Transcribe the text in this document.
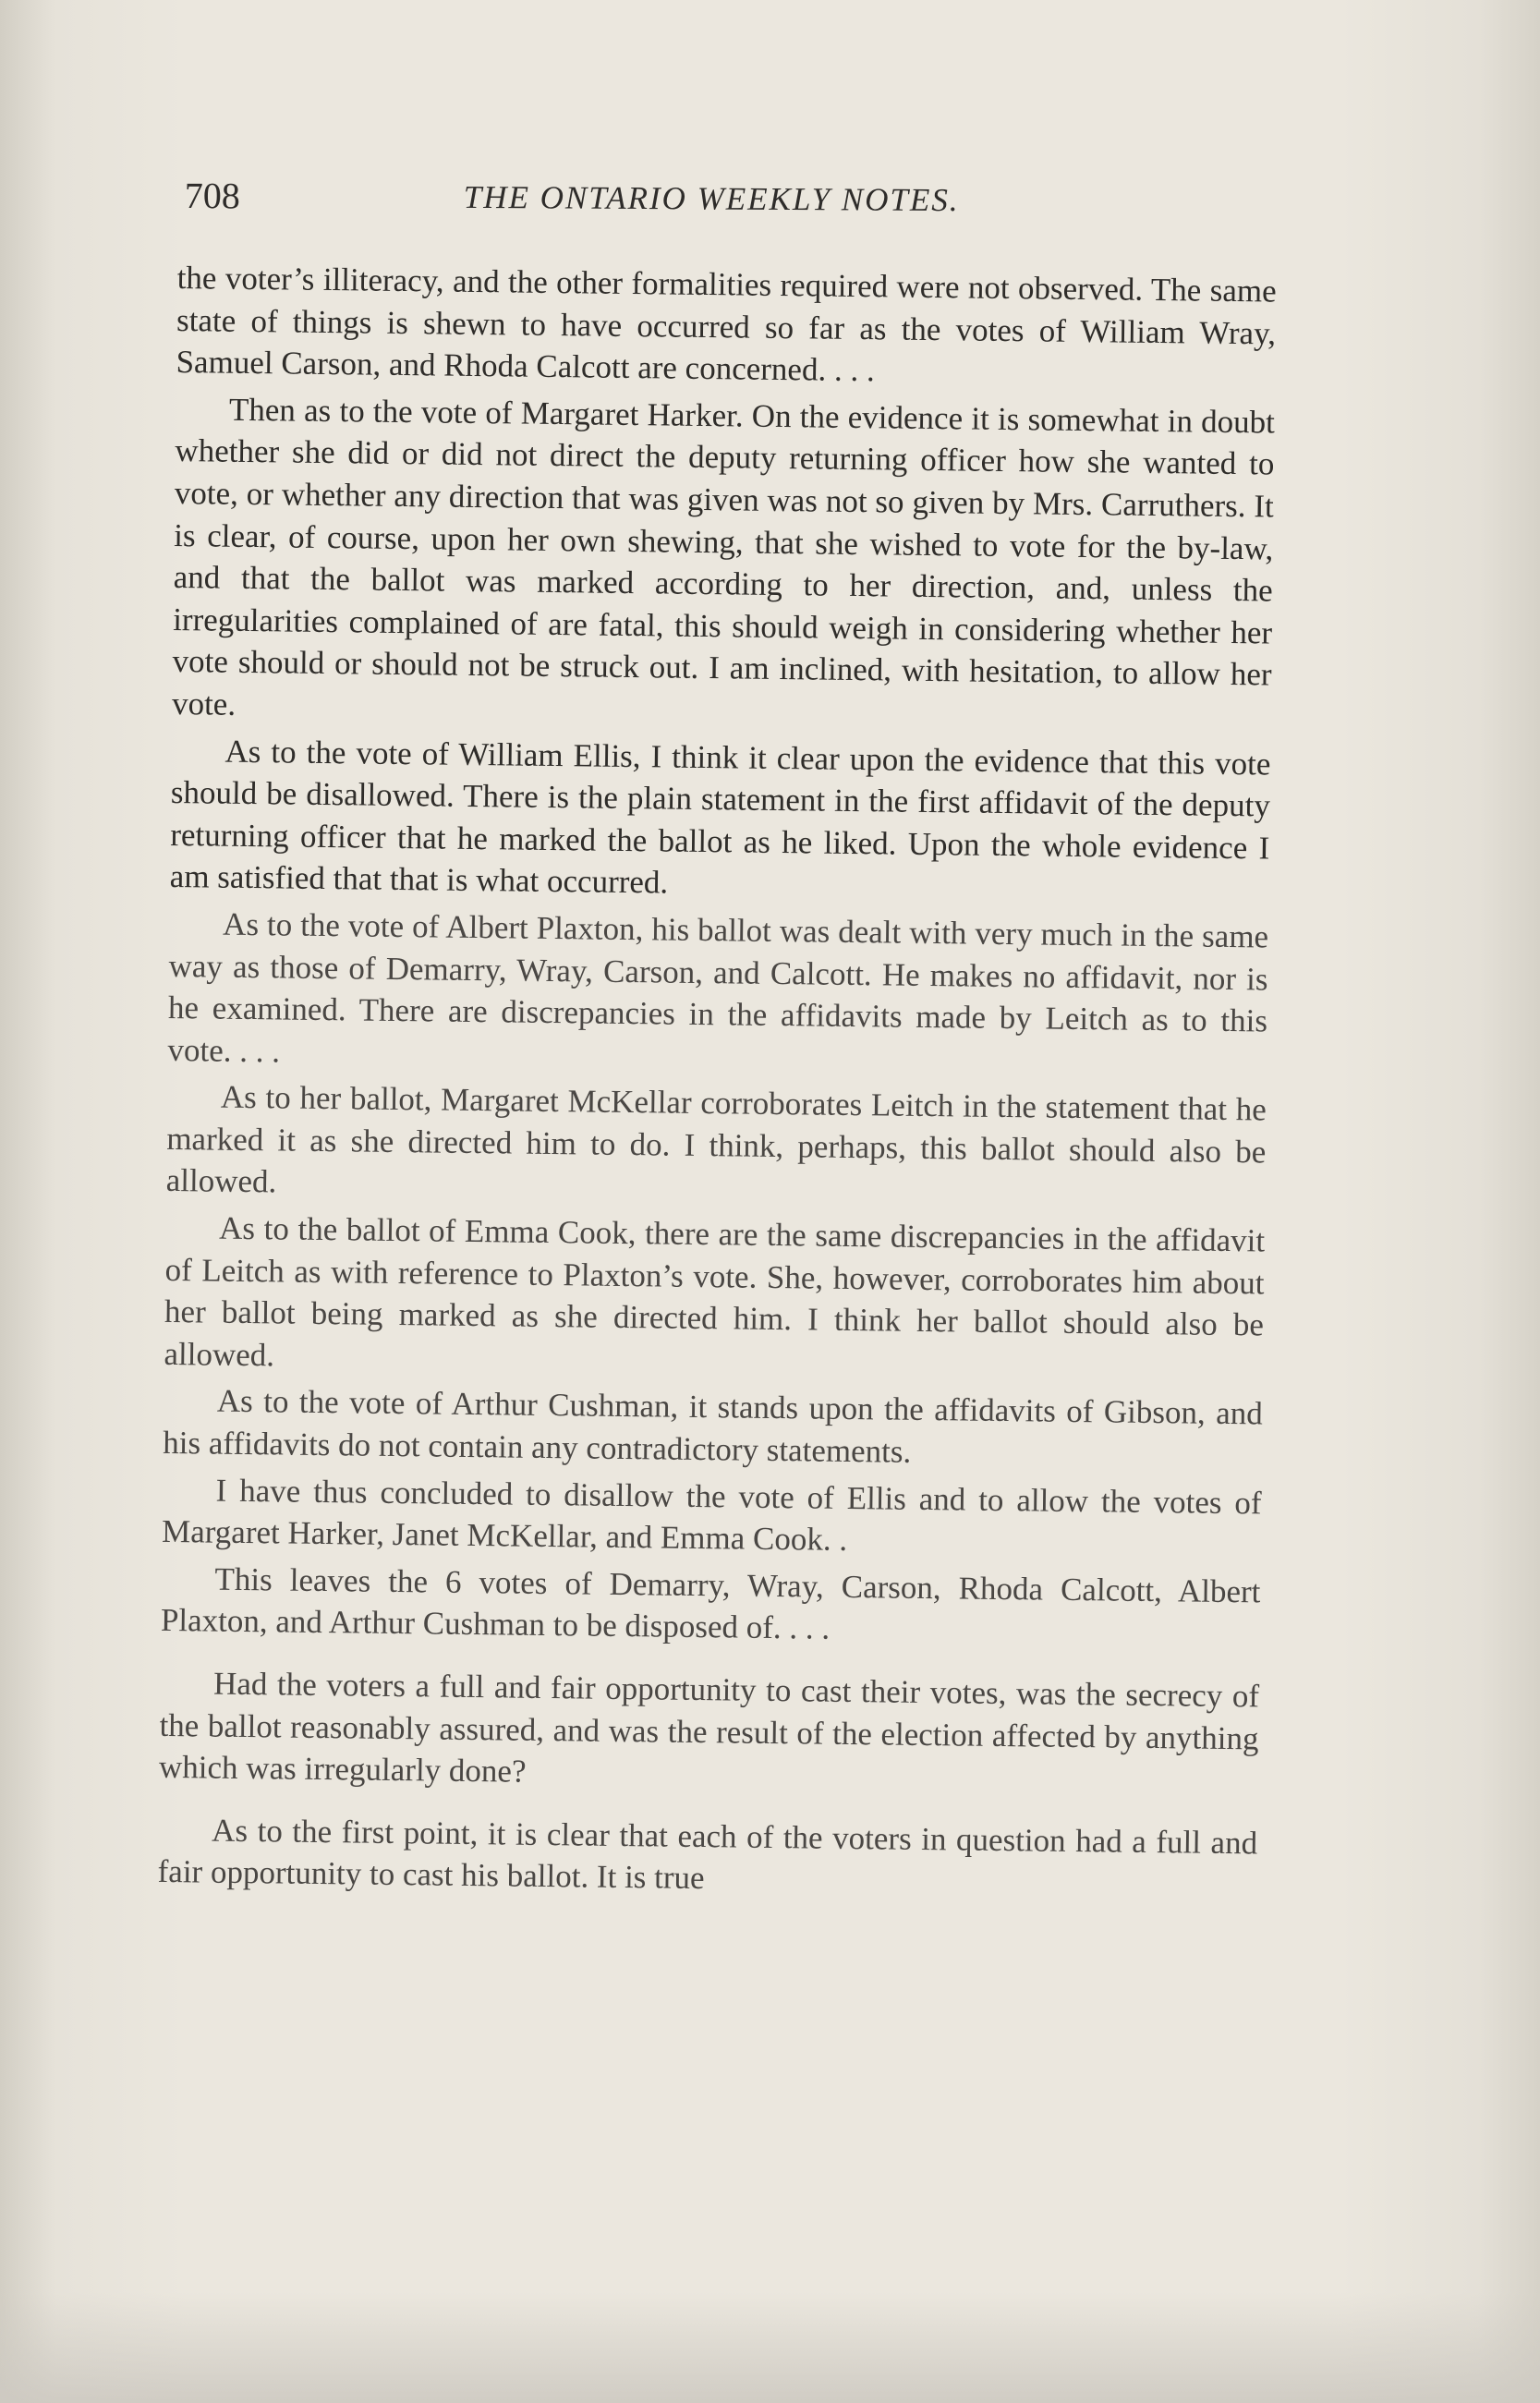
708	THE ONTARIO WEEKLY NOTES.

the voter’s illiteracy, and the other formalities required were not observed. The same state of things is shewn to have occurred so far as the votes of William Wray, Samuel Carson, and Rhoda Calcott are concerned. . . .

Then as to the vote of Margaret Harker. On the evidence it is somewhat in doubt whether she did or did not direct the deputy returning officer how she wanted to vote, or whether any direction that was given was not so given by Mrs. Carruthers. It is clear, of course, upon her own shewing, that she wished to vote for the by-law, and that the ballot was marked according to her direction, and, unless the irregularities complained of are fatal, this should weigh in considering whether her vote should or should not be struck out. I am inclined, with hesitation, to allow her vote.

As to the vote of William Ellis, I think it clear upon the evidence that this vote should be disallowed. There is the plain statement in the first affidavit of the deputy returning officer that he marked the ballot as he liked. Upon the whole evidence I am satisfied that that is what occurred.

As to the vote of Albert Plaxton, his ballot was dealt with very much in the same way as those of Demarry, Wray, Carson, and Calcott. He makes no affidavit, nor is he examined. There are discrepancies in the affidavits made by Leitch as to this vote. . . .

As to her ballot, Margaret McKellar corroborates Leitch in the statement that he marked it as she directed him to do. I think, perhaps, this ballot should also be allowed.

As to the ballot of Emma Cook, there are the same discrepancies in the affidavit of Leitch as with reference to Plaxton’s vote. She, however, corroborates him about her ballot being marked as she directed him. I think her ballot should also be allowed.

As to the vote of Arthur Cushman, it stands upon the affidavits of Gibson, and his affidavits do not contain any contradictory statements.

I have thus concluded to disallow the vote of Ellis and to allow the votes of Margaret Harker, Janet McKellar, and Emma Cook. .

This leaves the 6 votes of Demarry, Wray, Carson, Rhoda Calcott, Albert Plaxton, and Arthur Cushman to be disposed of. . . .

Had the voters a full and fair opportunity to cast their votes, was the secrecy of the ballot reasonably assured, and was the result of the election affected by anything which was irregularly done?

As to the first point, it is clear that each of the voters in question had a full and fair opportunity to cast his ballot. It is true
